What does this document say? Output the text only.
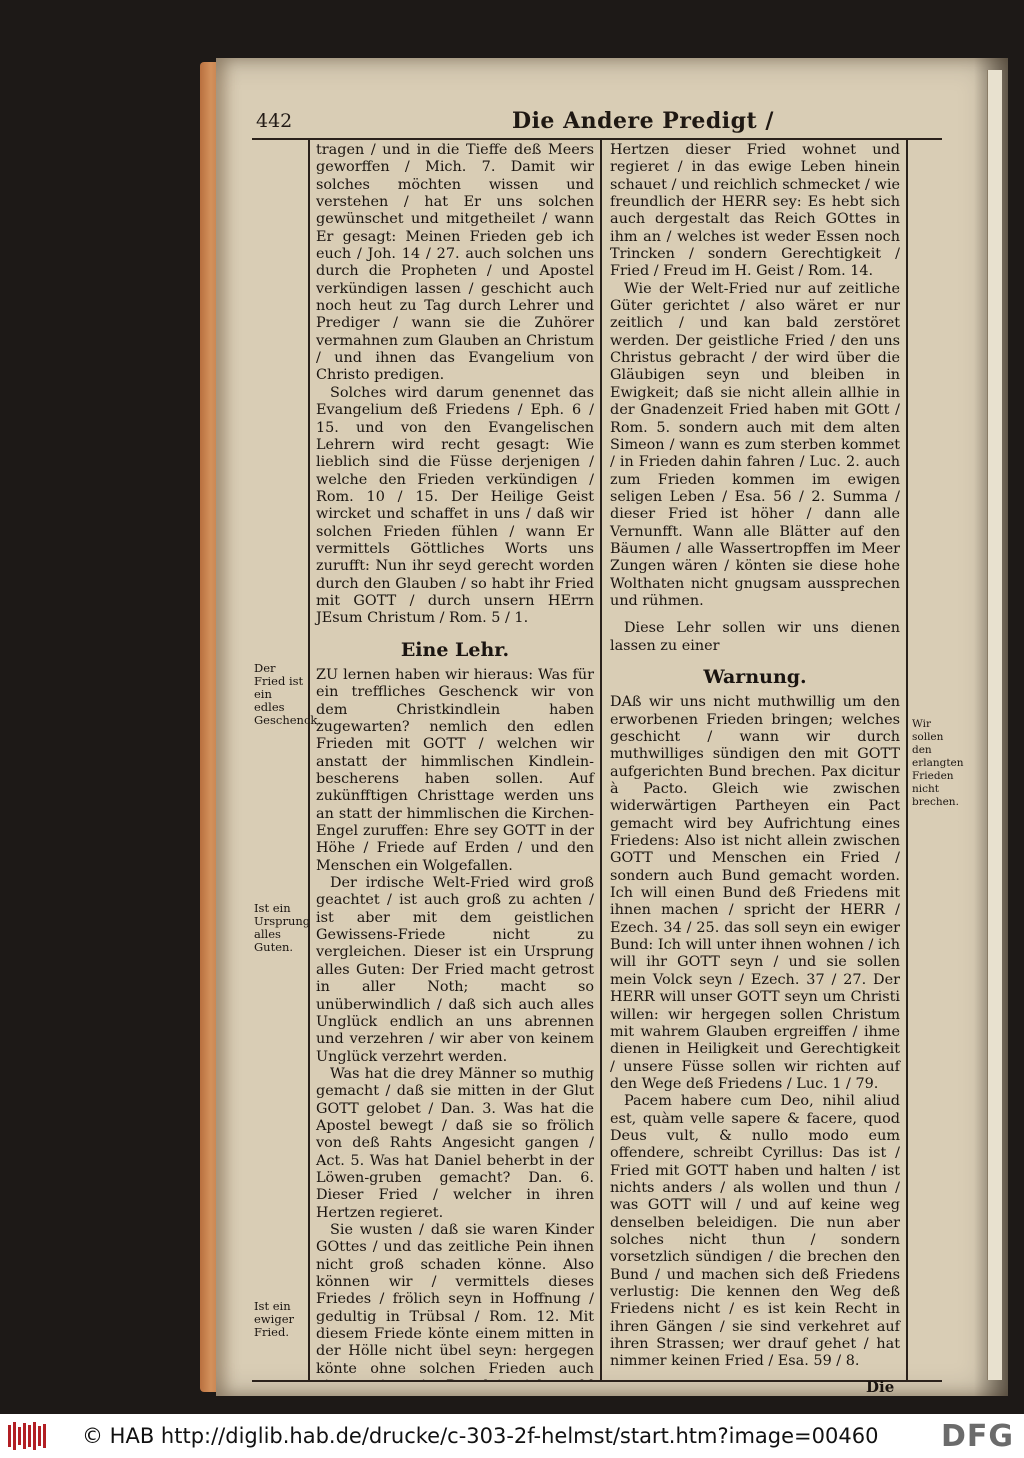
442	Die Andere Predigt /
Der Fried ist ein edles Geschenck.
Ist ein Ursprung alles Guten.
Ist ein ewiger Fried.

tragen / und in die Tieffe deß Meers geworffen / Mich. 7. Damit wir solches möchten wissen und verstehen / hat Er uns solchen gewünschet und mitgetheilet / wann Er gesagt: Meinen Frieden geb ich euch / Joh. 14 / 27. auch solchen uns durch die Propheten / und Apostel verkündigen lassen / geschicht auch noch heut zu Tag durch Lehrer und Prediger / wann sie die Zuhörer vermahnen zum Glauben an Christum / und ihnen das Evangelium von Christo predigen.

Solches wird darum genennet das Evangelium deß Friedens / Eph. 6 / 15. und von den Evangelischen Lehrern wird recht gesagt: Wie lieblich sind die Füsse derjenigen / welche den Frieden verkündigen / Rom. 10 / 15. Der Heilige Geist wircket und schaffet in uns / daß wir solchen Frieden fühlen / wann Er vermittels Göttliches Worts uns zurufft: Nun ihr seyd gerecht worden durch den Glauben / so habt ihr Fried mit GOTT / durch unsern HErrn JEsum Christum / Rom. 5 / 1.

Eine Lehr.

ZU lernen haben wir hieraus: Was für ein treffliches Geschenck wir von dem Christkindlein haben zugewarten? nemlich den edlen Frieden mit GOTT / welchen wir anstatt der himmlischen Kindlein-bescherens haben sollen. Auf zukünfftigen Christtage werden uns an statt der himmlischen die Kirchen-Engel zuruffen: Ehre sey GOTT in der Höhe / Friede auf Erden / und den Menschen ein Wolgefallen.

Der irdische Welt-Fried wird groß geachtet / ist auch groß zu achten / ist aber mit dem geistlichen Gewissens-Friede nicht zu vergleichen. Dieser ist ein Ursprung alles Guten: Der Fried macht getrost in aller Noth; macht so unüberwindlich / daß sich auch alles Unglück endlich an uns abrennen und verzehren / wir aber von keinem Unglück verzehrt werden.

Was hat die drey Männer so muthig gemacht / daß sie mitten in der Glut GOTT gelobet / Dan. 3. Was hat die Apostel bewegt / daß sie so frölich von deß Rahts Angesicht gangen / Act. 5. Was hat Daniel beherbt in der Löwen-gruben gemacht? Dan. 6. Dieser Fried / welcher in ihren Hertzen regieret.

Sie wusten / daß sie waren Kinder GOttes / und das zeitliche Pein ihnen nicht groß schaden könne. Also können wir / vermittels dieses Friedes / frölich seyn in Hoffnung / gedultig in Trübsal / Rom. 12. Mit diesem Friede könte einem mitten in der Hölle nicht übel seyn: hergegen könte ohne solchen Frieden auch

Hertzen dieser Fried wohnet und regieret / in das ewige Leben hinein schauet / und reichlich schmecket / wie freundlich der HERR sey: Es hebt sich auch dergestalt das Reich GOttes in ihm an / welches ist weder Essen noch Trincken / sondern Gerechtigkeit / Fried / Freud im H. Geist / Rom. 14.

Wie der Welt-Fried nur auf zeitliche Güter gerichtet / also wäret er nur zeitlich / und kan bald zerstöret werden. Der geistliche Fried / den uns Christus gebracht / der wird über die Gläubigen seyn und bleiben in Ewigkeit; daß sie nicht allein allhie in der Gnadenzeit Fried haben mit GOtt / Rom. 5. sondern auch mit dem alten Simeon / wann es zum sterben kommet / in Frieden dahin fahren / Luc. 2. auch zum Frieden kommen im ewigen seligen Leben / Esa. 56 / 2. Summa / dieser Fried ist höher / dann alle Vernunfft. Wann alle Blätter auf den Bäumen / alle Wassertropffen im Meer Zungen wären / könten sie diese hohe Wolthaten nicht gnugsam aussprechen und rühmen.

Diese Lehr sollen wir uns dienen lassen zu einer

Warnung.

DAß wir uns nicht muthwillig um den erworbenen Frieden bringen; welches geschicht / wann wir durch muthwilliges sündigen den mit GOTT aufgerichten Bund brechen. Pax dicitur à Pacto. Gleich wie zwischen widerwärtigen Partheyen ein Pact gemacht wird bey Aufrichtung eines Friedens: Also ist nicht allein zwischen GOTT und Menschen ein Fried / sondern auch Bund gemacht worden. Ich will einen Bund deß Friedens mit ihnen machen / spricht der HERR / Ezech. 34 / 25. das soll seyn ein ewiger Bund: Ich will unter ihnen wohnen / ich will ihr GOTT seyn / und sie sollen mein Volck seyn / Ezech. 37 / 27. Der HERR will unser GOTT seyn um Christi willen: wir hergegen sollen Christum mit wahrem Glauben ergreiffen / ihme dienen in Heiligkeit und Gerechtigkeit / unsere Füsse sollen wir richten auf den Wege deß Friedens / Luc. 1 / 79.

Pacem habere cum Deo, nihil aliud est, quàm velle sapere & facere, quod Deus vult, & nullo modo eum offendere, schreibt Cyrillus: Das ist / Fried mit GOTT haben und halten / ist nichts anders / als wollen und thun / was GOTT will / und auf keine weg denselben beleidigen. Die nun aber solches nicht thun / sondern vorsetzlich sündigen / die brechen den Bund / und machen sich deß Friedens verlustig: Die kennen den Weg deß Friedens nicht / es ist kein Recht in ihren Gängen / sie sind verkehret auf ihren Strassen; wer drauf gehet / hat nimmer keinen Fried / Esa. 59 / 8.

Wir sollen den erlangten Frieden nicht brechen.
Die
© HAB http://diglib.hab.de/drucke/c-303-2f-helmst/start.htm?image=00460 DFG
